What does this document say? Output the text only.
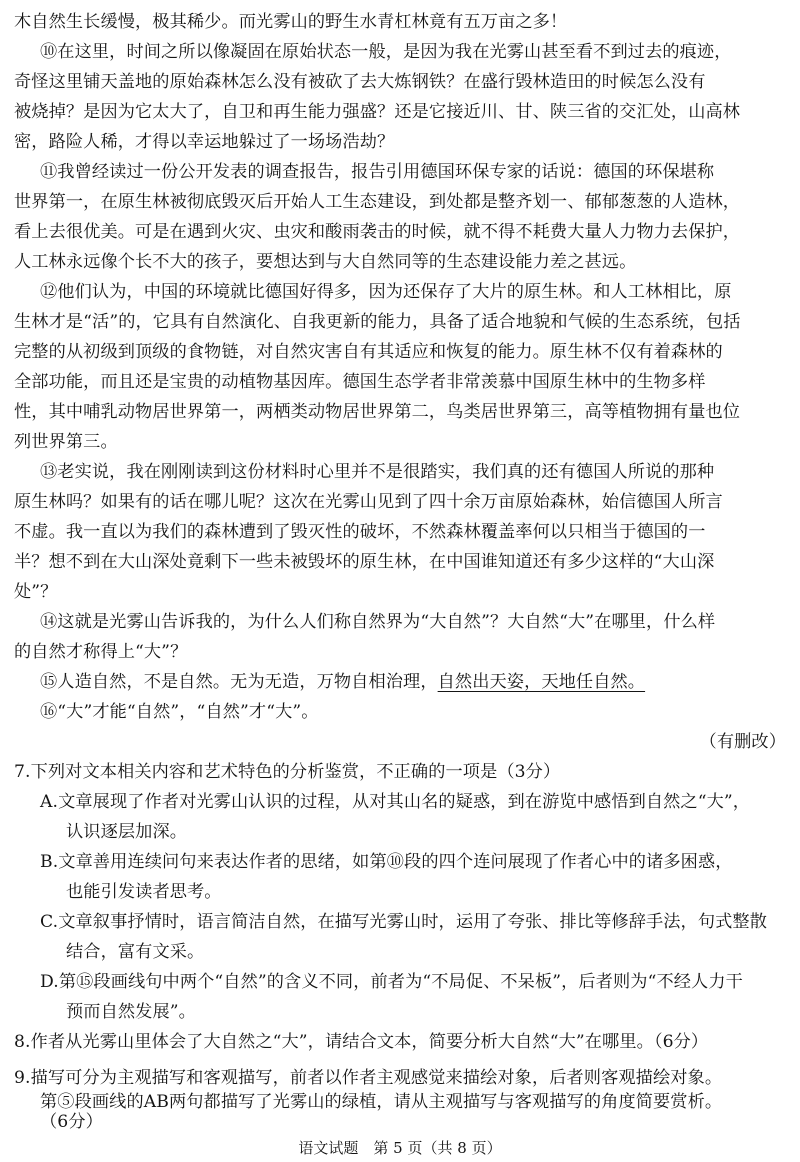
木自然生长缓慢，极其稀少。而光雾山的野生水青杠林竟有五万亩之多！
⑩在这里，时间之所以像凝固在原始状态一般，是因为我在光雾山甚至看不到过去的痕迹，
奇怪这里铺天盖地的原始森林怎么没有被砍了去大炼钢铁？在盛行毁林造田的时候怎么没有
被烧掉？是因为它太大了，自卫和再生能力强盛？还是它接近川、甘、陕三省的交汇处，山高林
密，路险人稀，才得以幸运地躲过了一场场浩劫？
⑪我曾经读过一份公开发表的调查报告，报告引用德国环保专家的话说：德国的环保堪称
世界第一，在原生林被彻底毁灭后开始人工生态建设，到处都是整齐划一、郁郁葱葱的人造林，
看上去很优美。可是在遇到火灾、虫灾和酸雨袭击的时候，就不得不耗费大量人力物力去保护，
人工林永远像个长不大的孩子，要想达到与大自然同等的生态建设能力差之甚远。
⑫他们认为，中国的环境就比德国好得多，因为还保存了大片的原生林。和人工林相比，原
生林才是“活”的，它具有自然演化、自我更新的能力，具备了适合地貌和气候的生态系统，包括
完整的从初级到顶级的食物链，对自然灾害自有其适应和恢复的能力。原生林不仅有着森林的
全部功能，而且还是宝贵的动植物基因库。德国生态学者非常羡慕中国原生林中的生物多样
性，其中哺乳动物居世界第一，两栖类动物居世界第二，鸟类居世界第三，高等植物拥有量也位
列世界第三。
⑬老实说，我在刚刚读到这份材料时心里并不是很踏实，我们真的还有德国人所说的那种
原生林吗？如果有的话在哪儿呢？这次在光雾山见到了四十余万亩原始森林，始信德国人所言
不虚。我一直以为我们的森林遭到了毁灭性的破坏，不然森林覆盖率何以只相当于德国的一
半？想不到在大山深处竟剩下一些未被毁坏的原生林，在中国谁知道还有多少这样的“大山深
处”？
⑭这就是光雾山告诉我的，为什么人们称自然界为“大自然”？大自然“大”在哪里，什么样
的自然才称得上“大”？
⑮人造自然，不是自然。无为无造，万物自相治理，自然出天姿，天地任自然。
⑯“大”才能“自然”，“自然”才“大”。
（有删改）
7.下列对文本相关内容和艺术特色的分析鉴赏，不正确的一项是（3分）
A.文章展现了作者对光雾山认识的过程，从对其山名的疑惑，到在游览中感悟到自然之“大”，
认识逐层加深。
B.文章善用连续问句来表达作者的思绪，如第⑩段的四个连问展现了作者心中的诸多困惑，
也能引发读者思考。
C.文章叙事抒情时，语言简洁自然，在描写光雾山时，运用了夸张、排比等修辞手法，句式整散
结合，富有文采。
D.第⑮段画线句中两个“自然”的含义不同，前者为“不局促、不呆板”，后者则为“不经人力干
预而自然发展”。
8.作者从光雾山里体会了大自然之“大”，请结合文本，简要分析大自然“大”在哪里。（6分）
9.描写可分为主观描写和客观描写，前者以作者主观感觉来描绘对象，后者则客观描绘对象。
第⑤段画线的AB两句都描写了光雾山的绿植，请从主观描写与客观描写的角度简要赏析。
（6分）
语文试题　第 5 页（共 8 页）
